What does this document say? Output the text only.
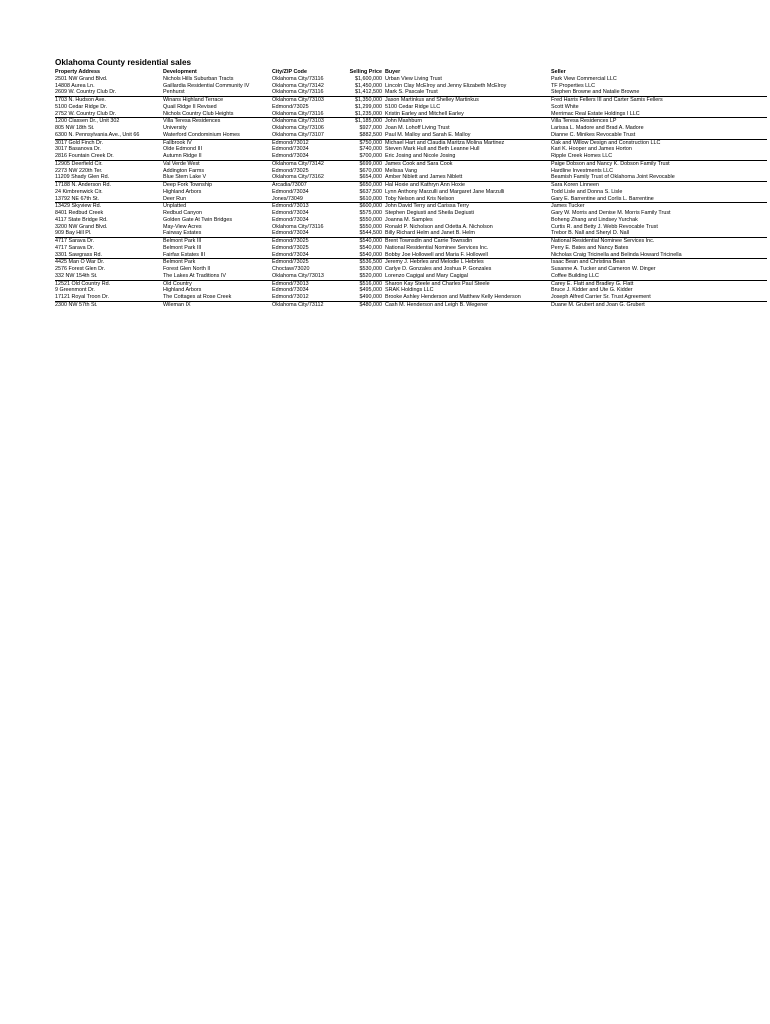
Oklahoma County residential sales
Property Address	Development	City/ZIP Code	Selling Price	Buyer	Seller
2501 NW Grand Blvd.	Nichols Hills Suburban Tracts	Oklahoma City/73116	$1,600,000	Urban View Living Trust	Park View Commercial LLC
14808 Aurea Ln.	Gaillardia Residential Community IV	Oklahoma City/73142	$1,450,000	Lincoln Clay McElroy and Jenny Elizabeth McElroy	TF Properties LLC
2609 W. Country Club Dr.	Penhurst	Oklahoma City/73116	$1,412,500	Mark S. Pascale Trust	Stephen Browne and Natalie Browne
1703 N. Hudson Ave.	Winans Highland Terrace	Oklahoma City/73103	$1,350,000	Jason Martinkus and Shelley Martinkus	Fred Harris Fellers III and Carter Samis Fellers
5100 Cedar Ridge Dr.	Quail Ridge II Revised	Edmond/73025	$1,299,000	5100 Cedar Ridge LLC	Scott White
2752 W. Country Club Dr.	Nichols Country Club Heights	Oklahoma City/73116	$1,235,000	Kristin Earley and Mitchell Earley	Merrimac Real Estate Holdings I LLC
1200 Classen Dr., Unit 302	Villa Teresa Residences	Oklahoma City/73103	$1,185,000	John Mashburn	Villa Teresa Residences LP
805 NW 18th St.	University	Oklahoma City/73106	$927,000	Joan M. Lohoff Living Trust	Larissa L. Madore and Brad A. Madore
6300 N. Pennsylvania Ave., Unit 66	Waterford Condominium Homes	Oklahoma City/73107	$882,500	Paul M. Malloy and Sarah E. Malloy	Dianne C. Minikes Revocable Trust
3017 Gold Finch Dr.	Fallbrook IV	Edmond/73012	$750,000	Michael Hart and Claudia Maritza Molina Martinez	Oak and Willow Design and Construction LLC
3017 Basanova Dr.	Olde Edmond III	Edmond/73034	$740,000	Steven Mark Hull and Beth Leanne Hull	Kari K. Hooper and James Horton
2816 Fountain Creek Dr.	Autumn Ridge II	Edmond/73034	$700,000	Eric Josing and Nicole Josing	Ripple Creek Homes LLC
12905 Deerfield Cir.	Val Verde West	Oklahoma City/73142	$699,000	James Cook and Sara Cook	Paige Dobson and Nancy K. Dobson Family Trust
2273 NW 220th Ter.	Addington Farms	Edmond/73025	$670,000	Melissa Vang	Hardline Investments LLC
11209 Shady Glen Rd.	Blue Stem Lake V	Oklahoma City/73162	$654,000	Amber Niblett and James Niblett	Beamish Family Trust of Oklahoma Joint Revocable
17188 N. Anderson Rd.	Deep Fork Township	Arcadia/73007	$650,000	Hal Hoxie and Kathryn Ann Hoxie	Sara Koren Linneen
24 Kimbrenwick Cir.	Highland Arbors	Edmond/73034	$637,500	Lynn Anthony Marzulli and Margaret Jane Marzulli	Todd Lisle and Donna S. Lisle
13792 NE 67th St.	Deer Run	Jones/73049	$610,000	Toby Nelson and Kris Nelson	Gary E. Barrentine and Corlis L. Barrentine
13429 Skyview Rd.	Unplatted	Edmond/73013	$600,000	John David Terry and Carissa Terry	James Tucker
8401 Redbud Creek	Redbud Canyon	Edmond/73034	$575,000	Stephen Degiusti and Sheila Degiusti	Gary W. Morris and Denise M. Morris Family Trust
4117 State Bridge Rd.	Golden Gate At Twin Bridges	Edmond/73034	$550,000	Joanna M. Samples	Boheng Zhang and Lindsey Yurchak
3200 NW Grand Blvd.	May-View Acres	Oklahoma City/73116	$550,000	Ronald P. Nicholson and Odetta A. Nicholson	Curtis R. and Betty J. Webb Revocable Trust
909 Bay Hill Pl.	Fairway Estates	Edmond/73034	$544,500	Billy Richard Helm and Janet B. Helm	Trebor B. Nall and Sheryl D. Nall
4717 Sarava Dr.	Belmont Park III	Edmond/73025	$540,000	Brent Townsdin and Carrie Townsdin	National Residential Nominee Services Inc.
4717 Sarava Dr.	Belmont Park III	Edmond/73025	$540,000	National Residential Nominee Services Inc.	Perry E. Bates and Nancy Bates
3301 Sawgrass Rd.	Fairfax Estates III	Edmond/73034	$540,000	Bobby Joe Hollowell and Maria F. Hollowell	Nicholas Craig Tricinella and Belinda Howard Tricinella
4425 Man O War Dr.	Belmont Park	Edmond/73025	$536,500	Jeremy J. Hebrles and Melodie L Hebrles	Isaac Bean and Christina Bean
2576 Forest Glen Dr.	Forest Glen North II	Choctaw/73020	$530,000	Carlye D. Gonzales and Joshua P. Gonzales	Susanne A. Tucker and Cameron W. Dinger
332 NW 154th St.	The Lakes At Traditions IV	Oklahoma City/73013	$520,000	Lorenzo Cagigal and Mary Cagigal	Coffee Building LLC
12521 Old Country Rd.	Old Country	Edmond/73013	$516,000	Sharon Kay Steele and Charles Paul Steele	Carey E. Flatt and Bradley G. Flatt
9 Greenmont Dr.	Highland Arbors	Edmond/73034	$495,000	SRAK Holdings LLC	Bruce J. Kidder and Ute G. Kidder
17121 Royal Troon Dr.	The Cottages at Rose Creek	Edmond/73012	$490,000	Brooke Ashley Henderson and Matthew Kelly Henderson	Joseph Alfred Carrier Sr. Trust Agreement
2300 NW 57th St.	Wileman IX	Oklahoma City/73112	$480,000	Cash M. Henderson and Leigh B. Wegener	Duane M. Grubert and Joan G. Grubert
